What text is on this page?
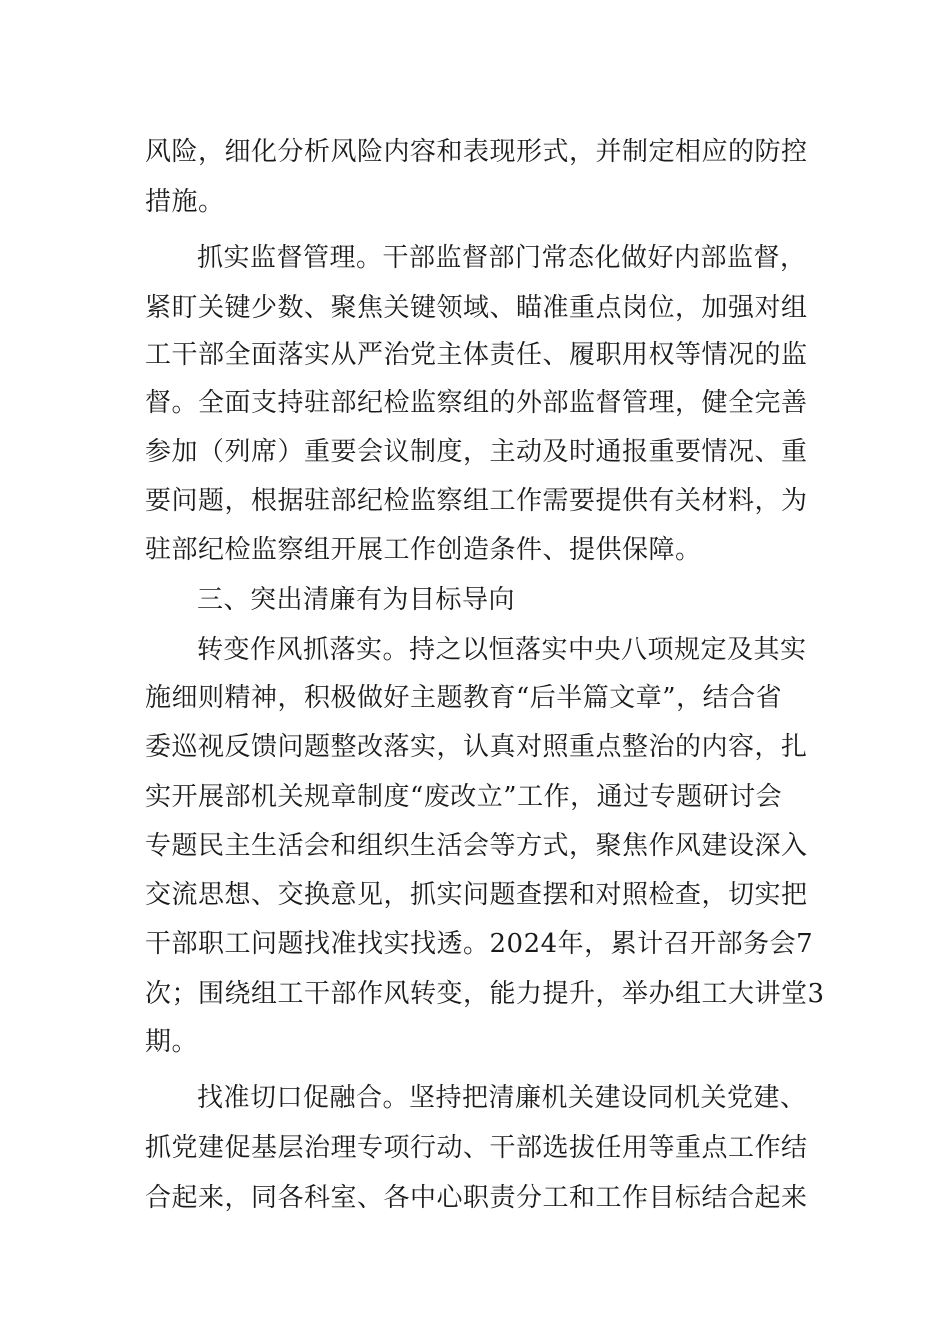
风险，细化分析风险内容和表现形式，并制定相应的防控
措施。
抓实监督管理。干部监督部门常态化做好内部监督，
紧盯关键少数、聚焦关键领域、瞄准重点岗位，加强对组
工干部全面落实从严治党主体责任、履职用权等情况的监
督。全面支持驻部纪检监察组的外部监督管理，健全完善
参加（列席）重要会议制度，主动及时通报重要情况、重
要问题，根据驻部纪检监察组工作需要提供有关材料，为
驻部纪检监察组开展工作创造条件、提供保障。
三、突出清廉有为目标导向
转变作风抓落实。持之以恒落实中央八项规定及其实
施细则精神，积极做好主题教育“后半篇文章”，结合省
委巡视反馈问题整改落实，认真对照重点整治的内容，扎
实开展部机关规章制度“废改立”工作，通过专题研讨会
专题民主生活会和组织生活会等方式，聚焦作风建设深入
交流思想、交换意见，抓实问题查摆和对照检查，切实把
干部职工问题找准找实找透。2024年，累计召开部务会7
次；围绕组工干部作风转变，能力提升，举办组工大讲堂3
期。
找准切口促融合。坚持把清廉机关建设同机关党建、
抓党建促基层治理专项行动、干部选拔任用等重点工作结
合起来，同各科室、各中心职责分工和工作目标结合起来
